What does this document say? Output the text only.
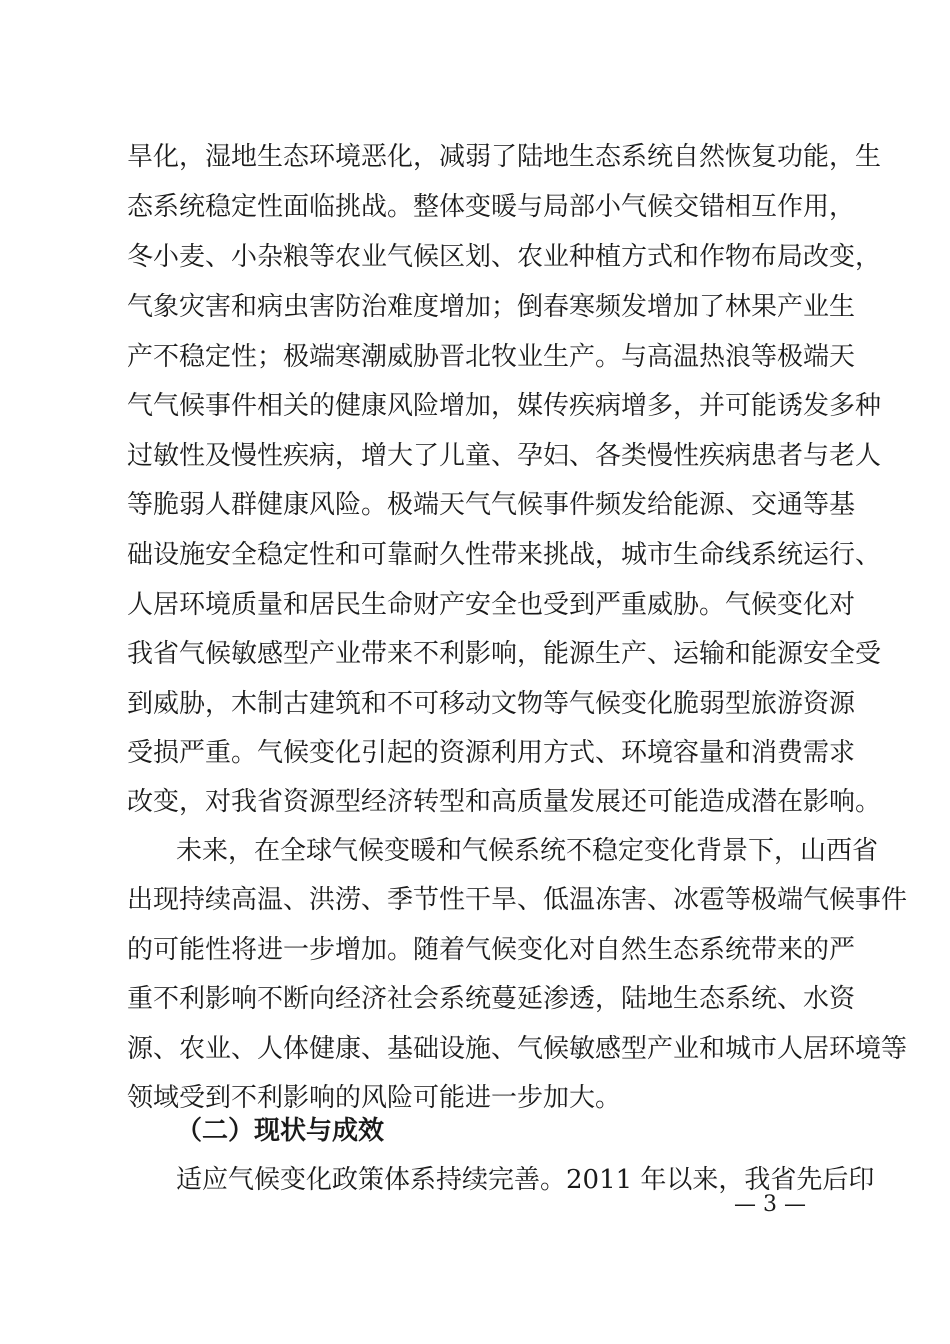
旱化，湿地生态环境恶化，减弱了陆地生态系统自然恢复功能，生
态系统稳定性面临挑战。整体变暖与局部小气候交错相互作用，
冬小麦、小杂粮等农业气候区划、农业种植方式和作物布局改变，
气象灾害和病虫害防治难度增加；倒春寒频发增加了林果产业生
产不稳定性；极端寒潮威胁晋北牧业生产。与高温热浪等极端天
气气候事件相关的健康风险增加，媒传疾病增多，并可能诱发多种
过敏性及慢性疾病，增大了儿童、孕妇、各类慢性疾病患者与老人
等脆弱人群健康风险。极端天气气候事件频发给能源、交通等基
础设施安全稳定性和可靠耐久性带来挑战，城市生命线系统运行、
人居环境质量和居民生命财产安全也受到严重威胁。气候变化对
我省气候敏感型产业带来不利影响，能源生产、运输和能源安全受
到威胁，木制古建筑和不可移动文物等气候变化脆弱型旅游资源
受损严重。气候变化引起的资源利用方式、环境容量和消费需求
改变，对我省资源型经济转型和高质量发展还可能造成潜在影响。
未来，在全球气候变暖和气候系统不稳定变化背景下，山西省
出现持续高温、洪涝、季节性干旱、低温冻害、冰雹等极端气候事件
的可能性将进一步增加。随着气候变化对自然生态系统带来的严
重不利影响不断向经济社会系统蔓延渗透，陆地生态系统、水资
源、农业、人体健康、基础设施、气候敏感型产业和城市人居环境等
领域受到不利影响的风险可能进一步加大。
（二）现状与成效
适应气候变化政策体系持续完善。2011 年以来，我省先后印
— 3 —
